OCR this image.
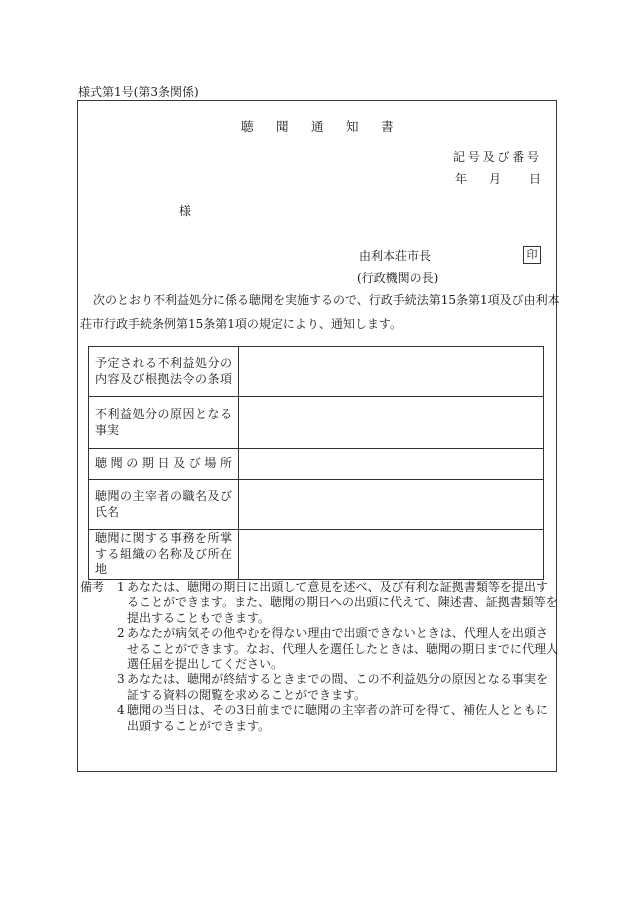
様式第1号(第3条関係)
聴聞通知書
記号及び番号
年 月 日
様
由利本荘市長	印
(行政機関の長)
次のとおり不利益処分に係る聴聞を実施するので、行政手続法第15条第1項及び由利本
荘市行政手続条例第15条第1項の規定により、通知します。
予定される不利益処分の
内容及び根拠法令の条項	

不利益処分の原因となる
事実	

聴聞の期日及び場所	

聴聞の主宰者の職名及び
氏名	

聴聞に関する事務を所掌
する組織の名称及び所在
地	

備考 1 あなたは、聴聞の期日に出頭して意見を述べ、及び有利な証拠書類等を提出す
ることができます。また、聴聞の期日への出頭に代えて、陳述書、証拠書類等を
提出することもできます。
2 あなたが病気その他やむを得ない理由で出頭できないときは、代理人を出頭さ
せることができます。なお、代理人を選任したときは、聴聞の期日までに代理人
選任届を提出してください。
3 あなたは、聴聞が終結するときまでの間、この不利益処分の原因となる事実を
証する資料の閲覧を求めることができます。
4 聴聞の当日は、その3日前までに聴聞の主宰者の許可を得て、補佐人とともに
出頭することができます。
